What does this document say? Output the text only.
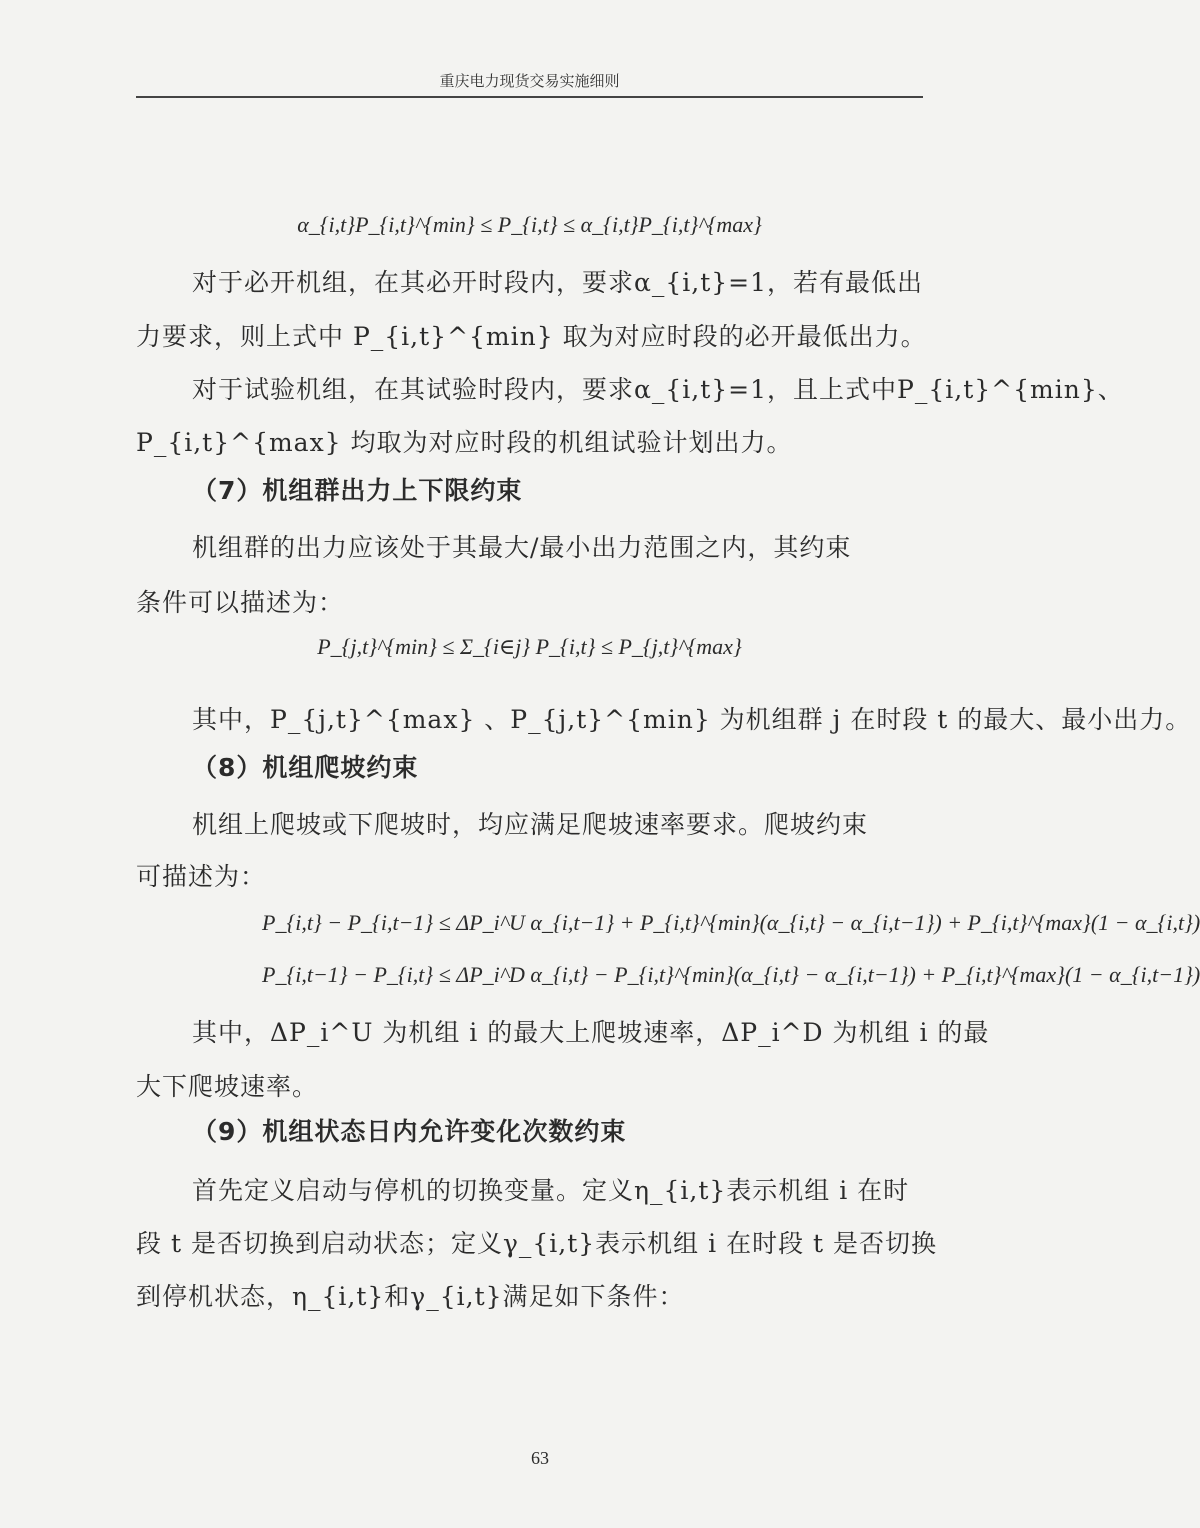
重庆电力现货交易实施细则
α_{i,t}P_{i,t}^{min} ≤ P_{i,t} ≤ α_{i,t}P_{i,t}^{max}
对于必开机组，在其必开时段内，要求α_{i,t}=1，若有最低出
力要求，则上式中 P_{i,t}^{min} 取为对应时段的必开最低出力。
对于试验机组，在其试验时段内，要求α_{i,t}=1，且上式中P_{i,t}^{min}、
P_{i,t}^{max} 均取为对应时段的机组试验计划出力。
（7）机组群出力上下限约束
机组群的出力应该处于其最大/最小出力范围之内，其约束
条件可以描述为：
P_{j,t}^{min} ≤ Σ_{i∈j} P_{i,t} ≤ P_{j,t}^{max}
其中，P_{j,t}^{max} 、P_{j,t}^{min} 为机组群 j 在时段 t 的最大、最小出力。
（8）机组爬坡约束
机组上爬坡或下爬坡时，均应满足爬坡速率要求。爬坡约束
可描述为：
P_{i,t} − P_{i,t−1} ≤ ΔP_i^U α_{i,t−1} + P_{i,t}^{min}(α_{i,t} − α_{i,t−1}) + P_{i,t}^{max}(1 − α_{i,t})
P_{i,t−1} − P_{i,t} ≤ ΔP_i^D α_{i,t} − P_{i,t}^{min}(α_{i,t} − α_{i,t−1}) + P_{i,t}^{max}(1 − α_{i,t−1})
其中，ΔP_i^U 为机组 i 的最大上爬坡速率，ΔP_i^D 为机组 i 的最
大下爬坡速率。
（9）机组状态日内允许变化次数约束
首先定义启动与停机的切换变量。定义η_{i,t}表示机组 i 在时
段 t 是否切换到启动状态；定义γ_{i,t}表示机组 i 在时段 t 是否切换
到停机状态，η_{i,t}和γ_{i,t}满足如下条件：
63
